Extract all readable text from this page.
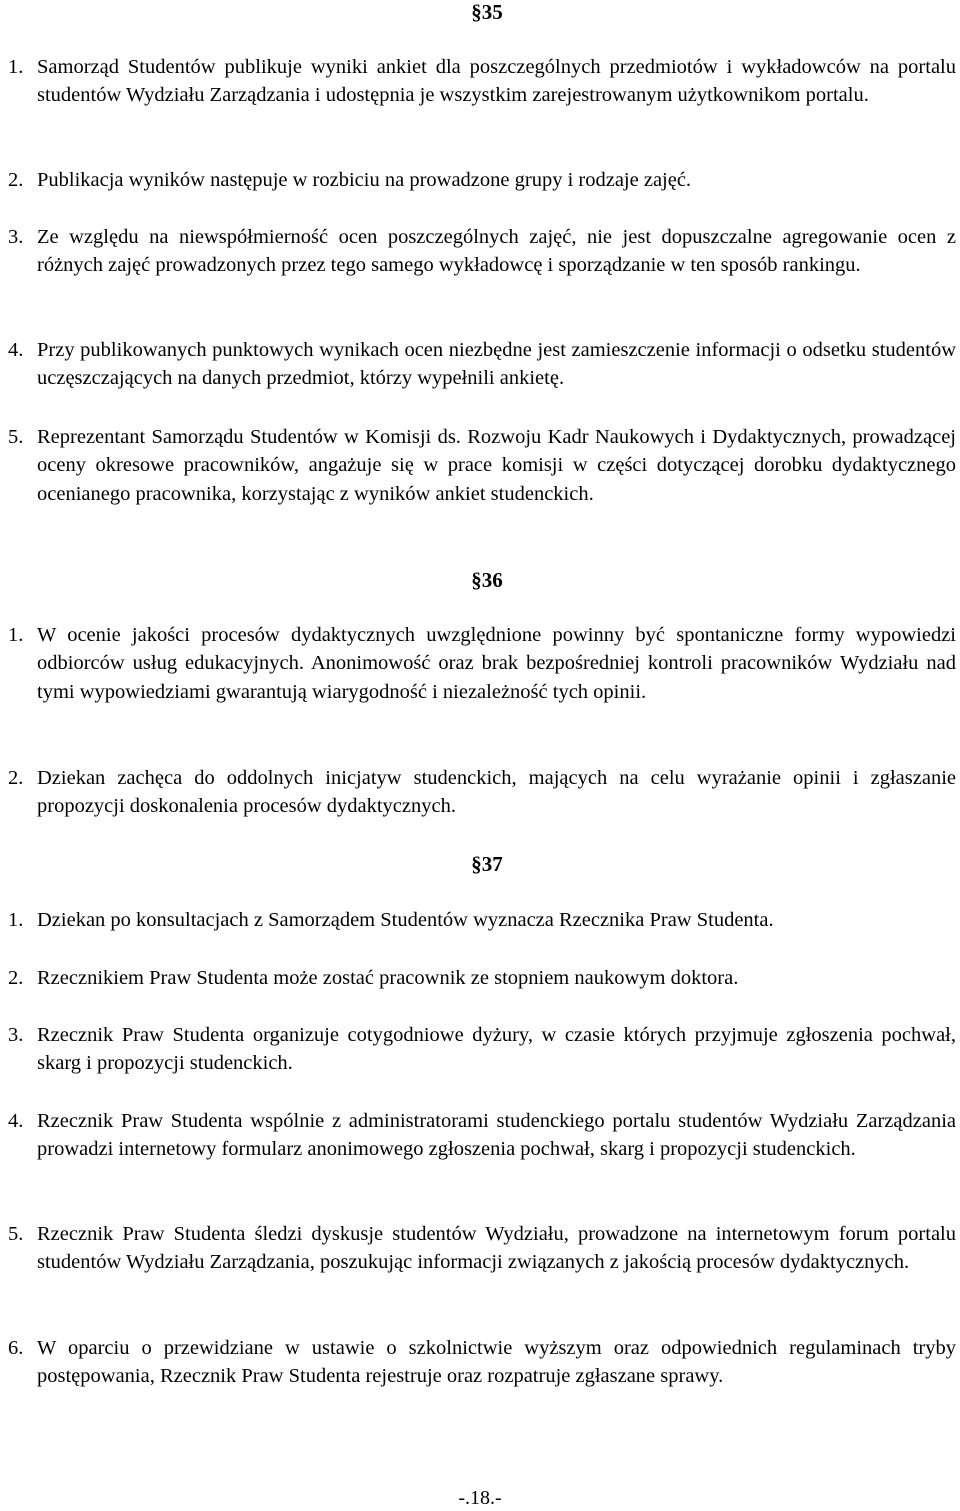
§35
1. Samorząd Studentów publikuje wyniki ankiet dla poszczególnych przedmiotów i wykładowców na portalu studentów Wydziału Zarządzania i udostępnia je wszystkim zarejestrowanym użytkownikom portalu.
2. Publikacja wyników następuje w rozbiciu na prowadzone grupy i rodzaje zajęć.
3. Ze względu na niewspółmierność ocen poszczególnych zajęć, nie jest dopuszczalne agregowanie ocen z różnych zajęć prowadzonych przez tego samego wykładowcę i sporządzanie w ten sposób rankingu.
4. Przy publikowanych punktowych wynikach ocen niezbędne jest zamieszczenie informacji o odsetku studentów uczęszczających na danych przedmiot, którzy wypełnili ankietę.
5. Reprezentant Samorządu Studentów w Komisji ds. Rozwoju Kadr Naukowych i Dydaktycznych, prowadzącej oceny okresowe pracowników, angażuje się w prace komisji w części dotyczącej dorobku dydaktycznego ocenianego pracownika, korzystając z wyników ankiet studenckich.
§36
1. W ocenie jakości procesów dydaktycznych uwzględnione powinny być spontaniczne formy wypowiedzi odbiorców usług edukacyjnych. Anonimowość oraz brak bezpośredniej kontroli pracowników Wydziału nad tymi wypowiedziami gwarantują wiarygodność i niezależność tych opinii.
2. Dziekan zachęca do oddolnych inicjatyw studenckich, mających na celu wyrażanie opinii i zgłaszanie propozycji doskonalenia procesów dydaktycznych.
§37
1. Dziekan po konsultacjach z Samorządem Studentów wyznacza Rzecznika Praw Studenta.
2. Rzecznikiem Praw Studenta może zostać pracownik ze stopniem naukowym doktora.
3. Rzecznik Praw Studenta organizuje cotygodniowe dyżury, w czasie których przyjmuje zgłoszenia pochwał, skarg i propozycji studenckich.
4. Rzecznik Praw Studenta wspólnie z administratorami studenckiego portalu studentów Wydziału Zarządzania prowadzi internetowy formularz anonimowego zgłoszenia pochwał, skarg i propozycji studenckich.
5. Rzecznik Praw Studenta śledzi dyskusje studentów Wydziału, prowadzone na internetowym forum portalu studentów Wydziału Zarządzania, poszukując informacji związanych z jakością procesów dydaktycznych.
6. W oparciu o przewidziane w ustawie o szkolnictwie wyższym oraz odpowiednich regulaminach tryby postępowania, Rzecznik Praw Studenta rejestruje oraz rozpatruje zgłaszane sprawy.
-.18.-
